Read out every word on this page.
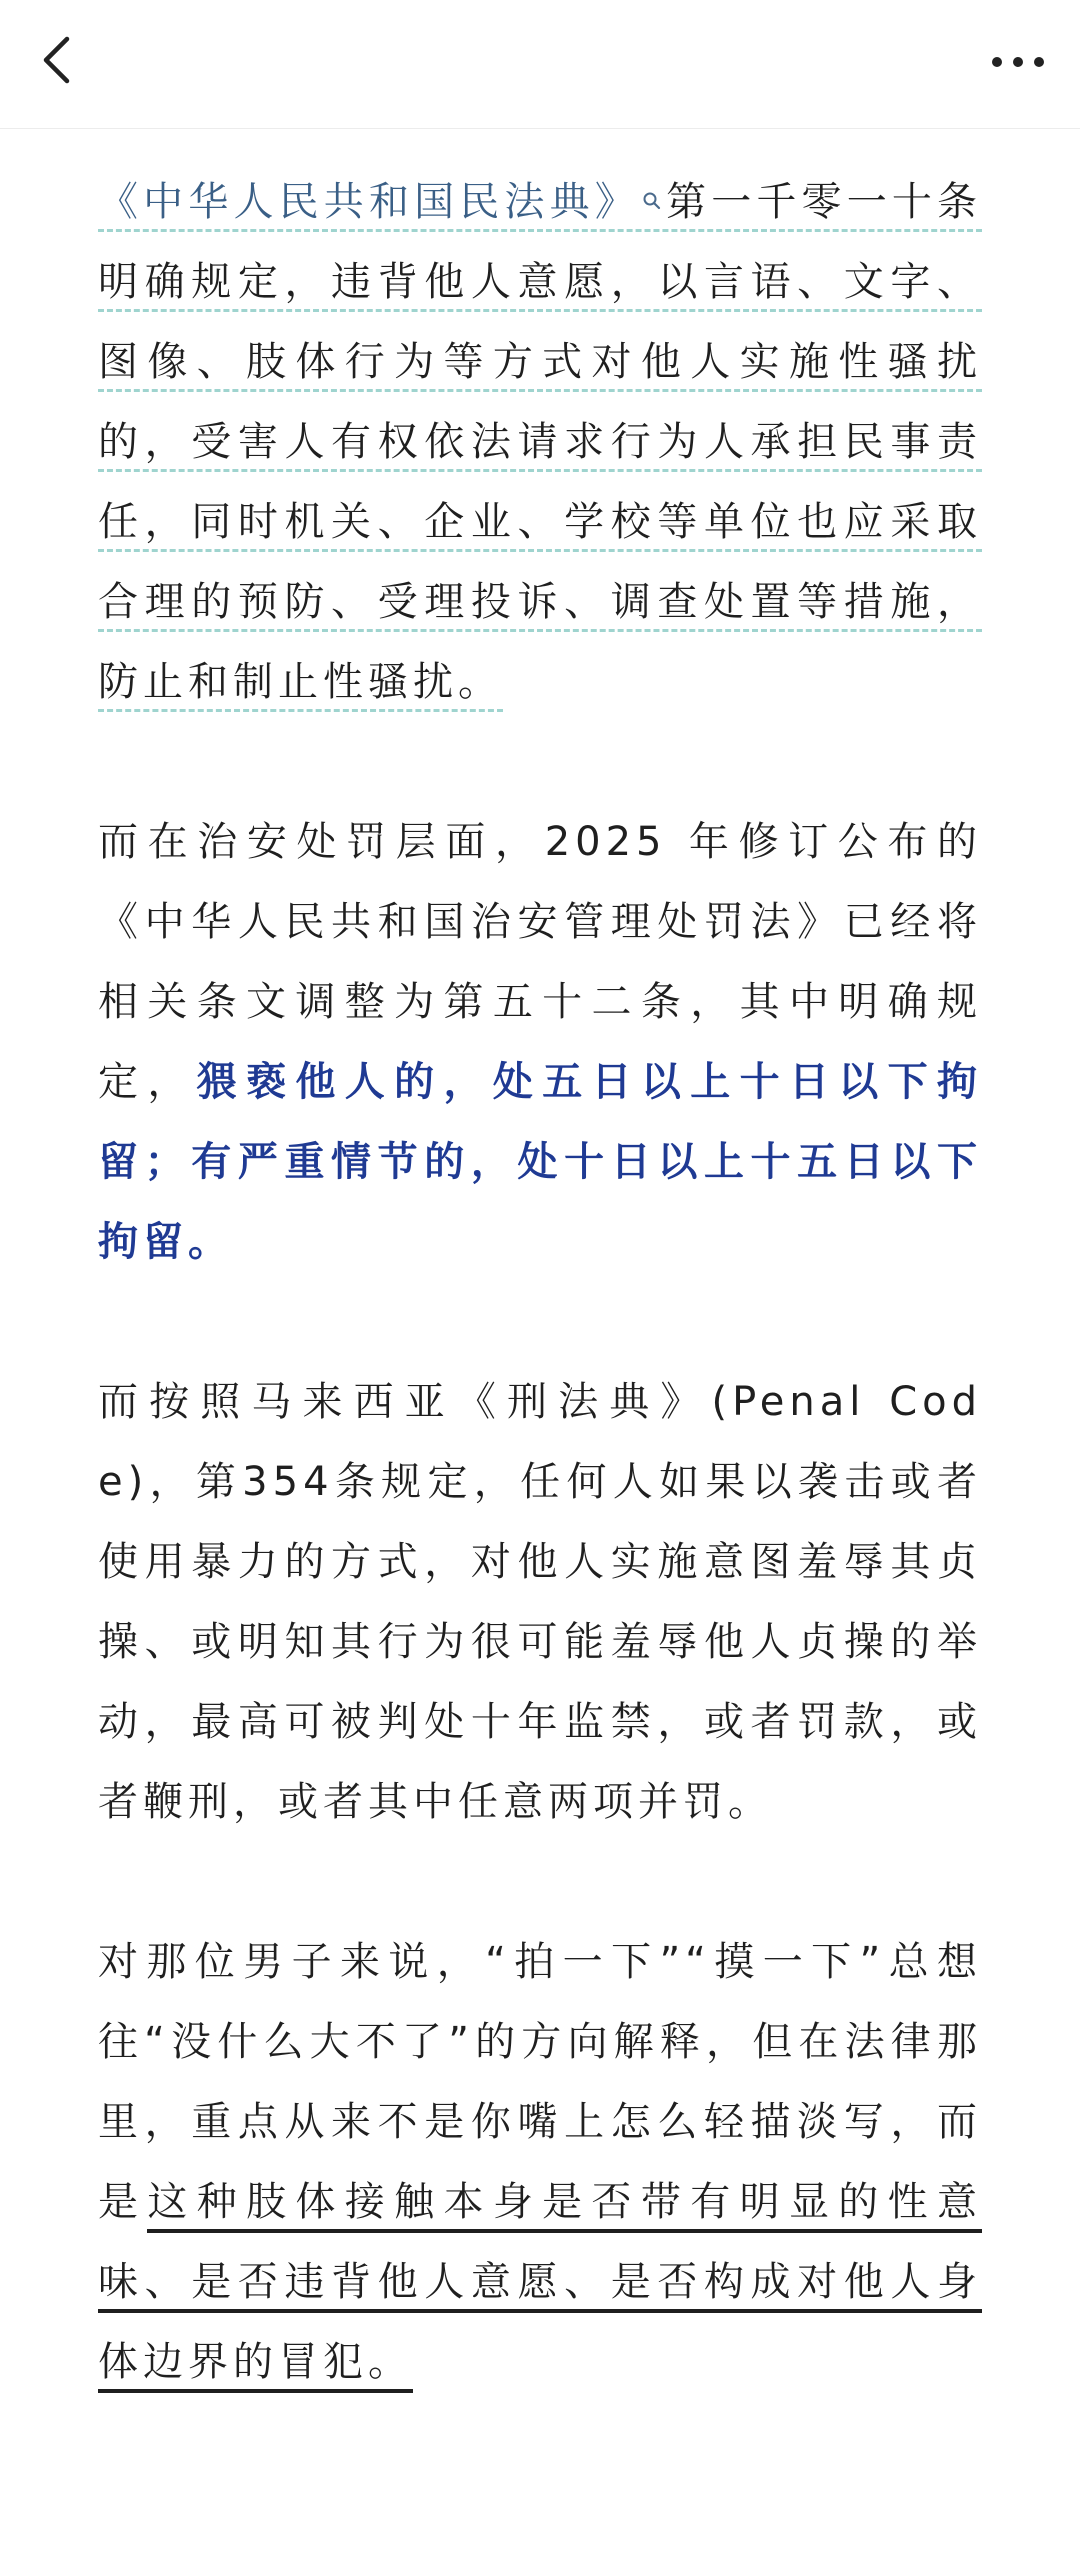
《中华人民共和国民法典》 第一千零一十条明确规定，违背他人意愿，以言语、文字、图像、肢体行为等方式对他人实施性骚扰的，受害人有权依法请求行为人承担民事责任，同时机关、企业、学校等单位也应采取合理的预防、受理投诉、调查处置等措施，防止和制止性骚扰。

而在治安处罚层面，2025 年修订公布的《中华人民共和国治安管理处罚法》已经将相关条文调整为第五十二条，其中明确规定，猥亵他人的，处五日以上十日以下拘留；有严重情节的，处十日以上十五日以下拘留。

而按照马来西亚《刑法典》(Penal Code)，第354条规定，任何人如果以袭击或者使用暴力的方式，对他人实施意图羞辱其贞操、或明知其行为很可能羞辱他人贞操的举动，最高可被判处十年监禁，或者罚款，或者鞭刑，或者其中任意两项并罚。

对那位男子来说，“拍一下”“摸一下”总想往“没什么大不了”的方向解释，但在法律那里，重点从来不是你嘴上怎么轻描淡写，而是这种肢体接触本身是否带有明显的性意味、是否违背他人意愿、是否构成对他人身体边界的冒犯。
